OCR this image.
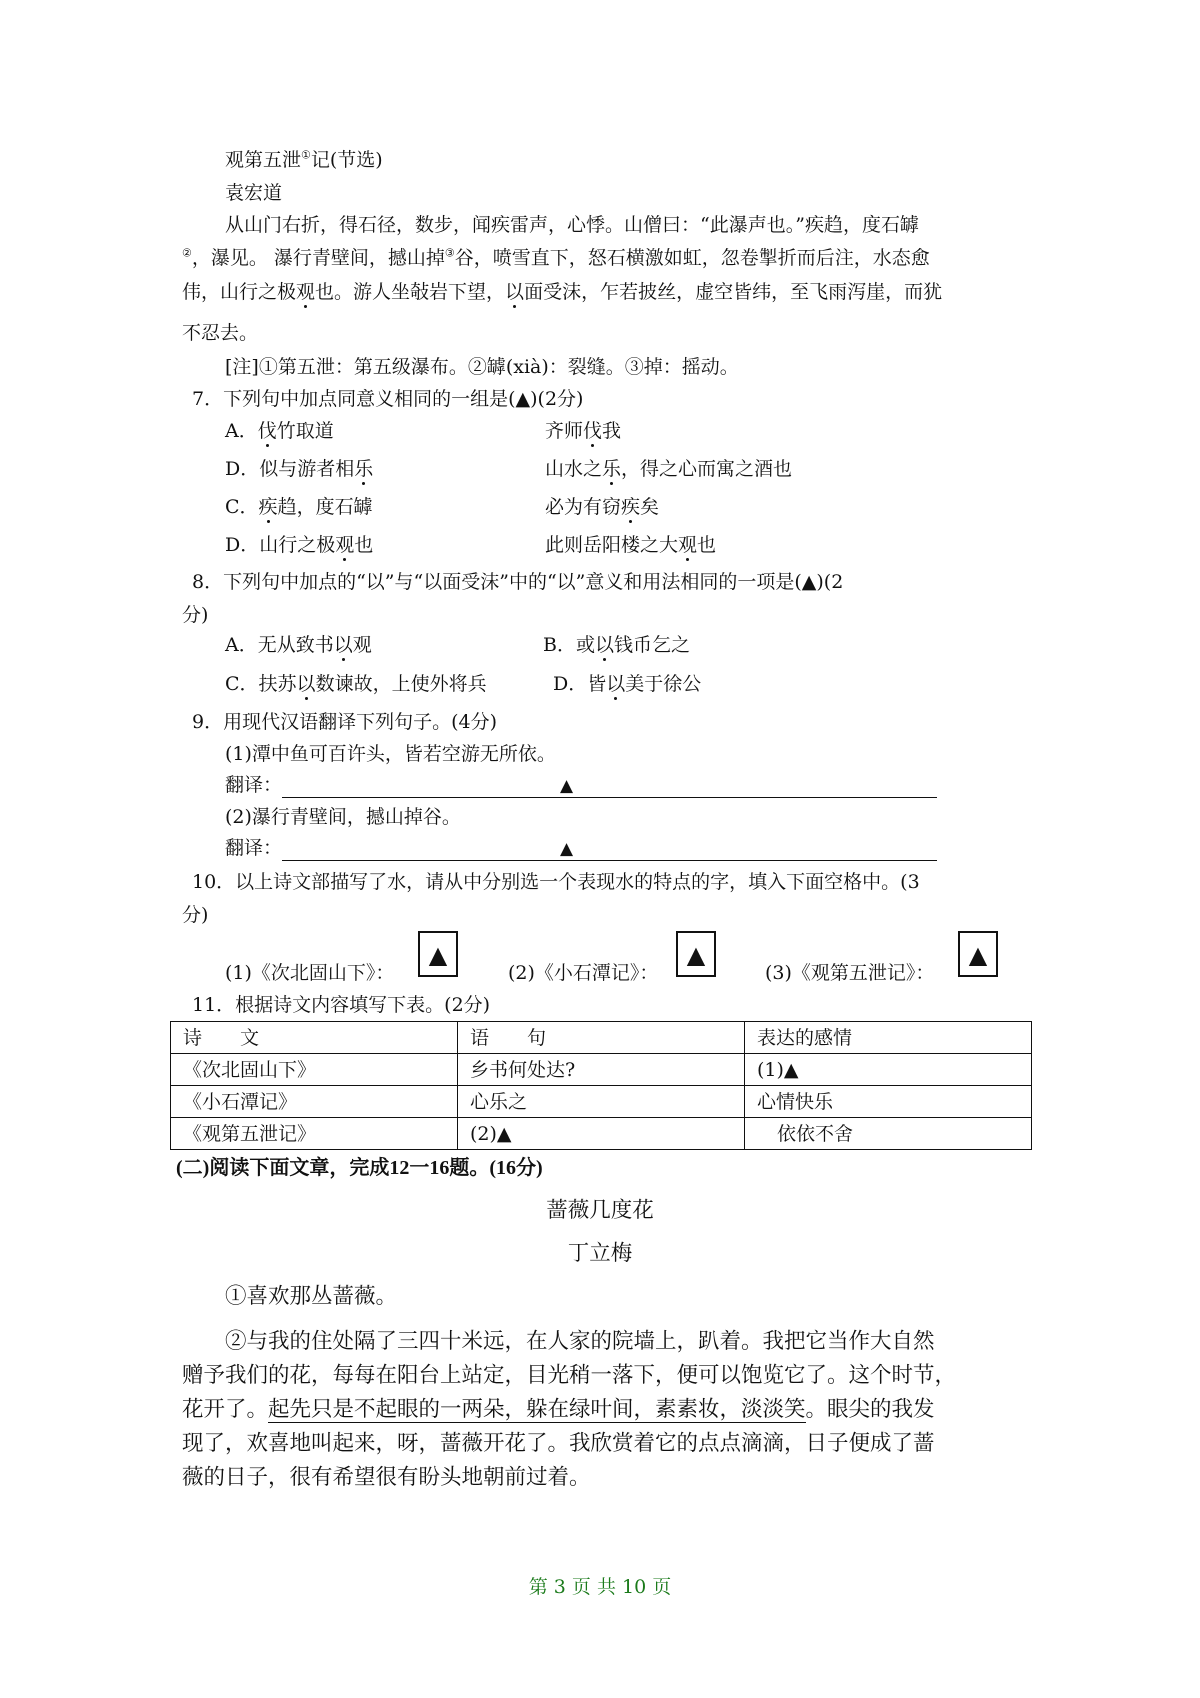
观第五泄①记(节选)
袁宏道
从山门右折，得石径，数步，闻疾雷声，心悸。山僧曰：“此瀑声也。”疾趋，度石罅
②，瀑见。 瀑行青壁间，撼山掉③谷，喷雪直下，怒石横激如虹，忽卷掣折而后注，水态愈
伟，山行之极观也。游人坐敧岩下望，以面受沫，乍若披丝，虚空皆纬，至飞雨泻崖，而犹
不忍去。
[注]①第五泄：第五级瀑布。②罅(xià)：裂缝。③掉：摇动。
7．下列句中加点同意义相同的一组是(▲)(2分)
A．伐竹取道	齐师伐我
D．似与游者相乐	山水之乐，得之心而寓之酒也
C．疾趋，度石罅	必为有窃疾矣
D．山行之极观也	此则岳阳楼之大观也
8．下列句中加点的“以”与“以面受沫”中的“以”意义和用法相同的一项是(▲)(2
分)
A．无从致书以观	B．或以钱币乞之
C．扶苏以数谏故，上使外将兵	D．皆以美于徐公
9．用现代汉语翻译下列句子。(4分)
(1)潭中鱼可百许头，皆若空游无所依。
翻译：	▲
(2)瀑行青壁间，撼山掉谷。
翻译：	▲
10．以上诗文部描写了水，请从中分别选一个表现水的特点的字，填入下面空格中。(3
分)
(1)《次北固山下》：
▲
(2)《小石潭记》：
▲
(3)《观第五泄记》：
▲
11．根据诗文内容填写下表。(2分)
诗　　文	语　　句	表达的感情
《次北固山下》	乡书何处达?	(1)▲
《小石潭记》	心乐之	心情快乐
《观第五泄记》	(2)▲	依依不舍
(二)阅读下面文章，完成12一16题。(16分)
蔷薇几度花
丁立梅
①喜欢那丛蔷薇。
②与我的住处隔了三四十米远，在人家的院墙上，趴着。我把它当作大自然
赠予我们的花，每每在阳台上站定，目光稍一落下，便可以饱览它了。这个时节，
花开了。起先只是不起眼的一两朵，躲在绿叶间，素素妆，淡淡笑。眼尖的我发
现了，欢喜地叫起来，呀，蔷薇开花了。我欣赏着它的点点滴滴，日子便成了蔷
薇的日子，很有希望很有盼头地朝前过着。
第 3 页 共 10 页
